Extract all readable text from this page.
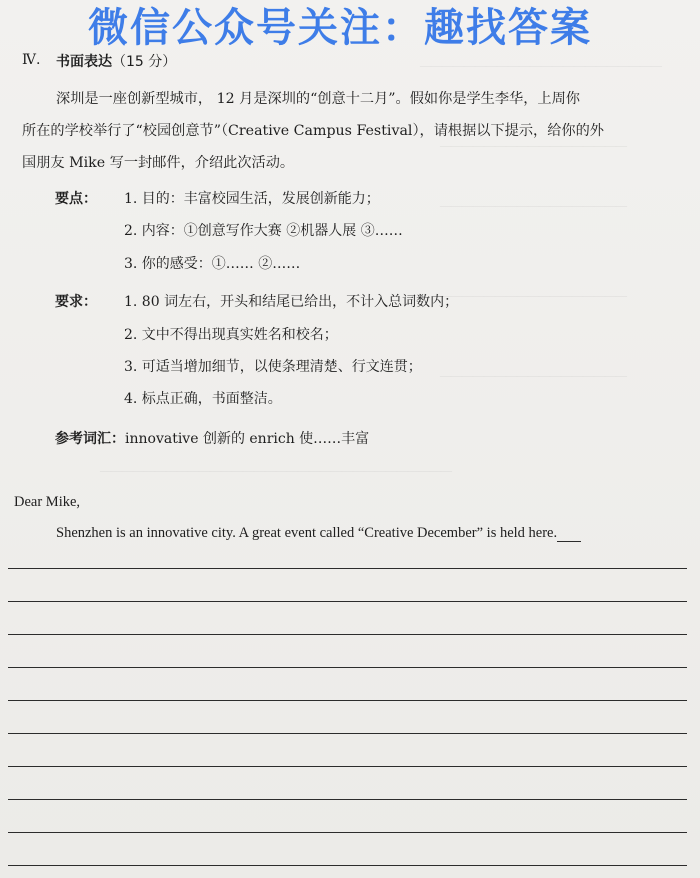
——————————————————————
—————————————————
—————————————————
—————————————————
—————————————————
————————————————————————————————
微信公众号关注：趣找答案
Ⅳ. 书面表达（15 分）
深圳是一座创新型城市， 12 月是深圳的“创意十二月”。假如你是学生李华，上周你
所在的学校举行了“校园创意节”（Creative Campus Festival），请根据以下提示，给你的外
国朋友 Mike 写一封邮件，介绍此次活动。
要点： 1. 目的：丰富校园生活，发展创新能力；
2. 内容：①创意写作大赛 ②机器人展 ③……
3. 你的感受：①…… ②……
要求： 1. 80 词左右，开头和结尾已给出，不计入总词数内；
2. 文中不得出现真实姓名和校名；
3. 可适当增加细节，以使条理清楚、行文连贯；
4. 标点正确，书面整洁。
参考词汇：innovative 创新的 enrich 使……丰富
Dear Mike,
Shenzhen is an innovative city. A great event called “Creative December” is held here.
